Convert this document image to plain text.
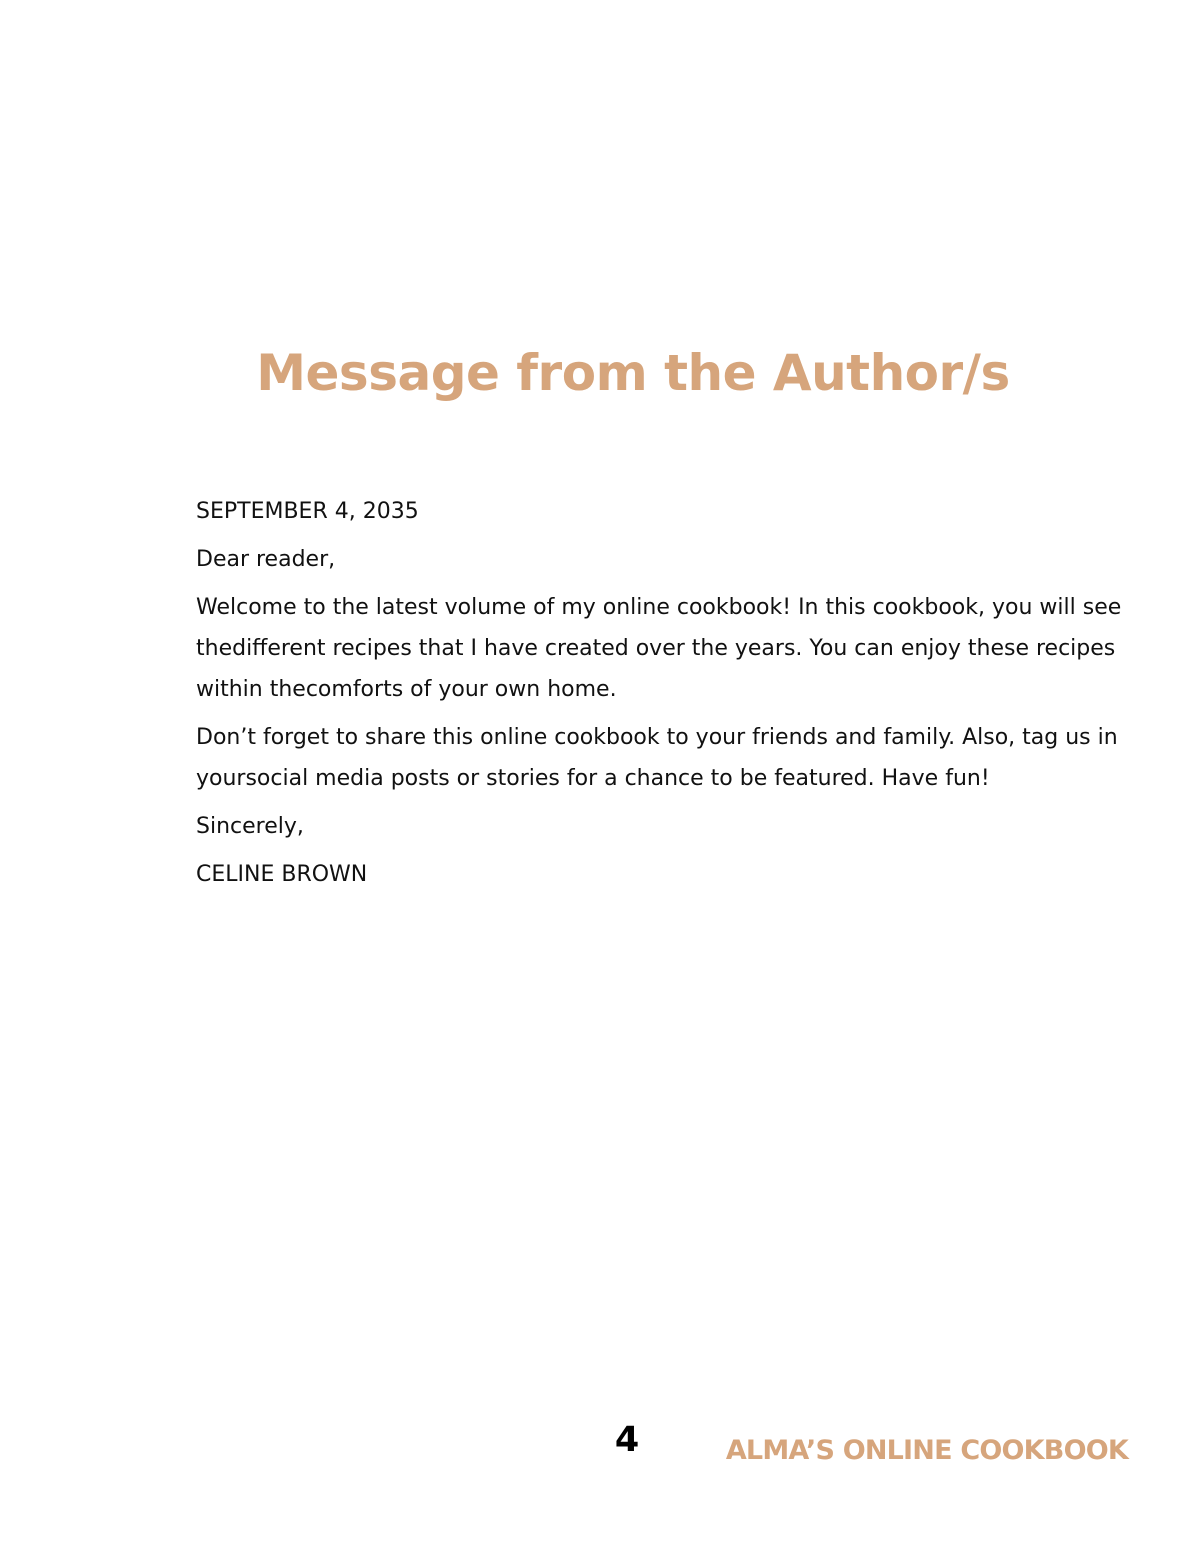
Message from the Author/s

SEPTEMBER 4, 2035

Dear reader,

Welcome to the latest volume of my online cookbook! In this cookbook, you will see thedifferent recipes that I have created over the years. You can enjoy these recipes within thecomforts of your own home.

Don’t forget to share this online cookbook to your friends and family. Also, tag us in yoursocial media posts or stories for a chance to be featured. Have fun!

Sincerely,

CELINE BROWN

4	ALMA’S ONLINE COOKBOOK
